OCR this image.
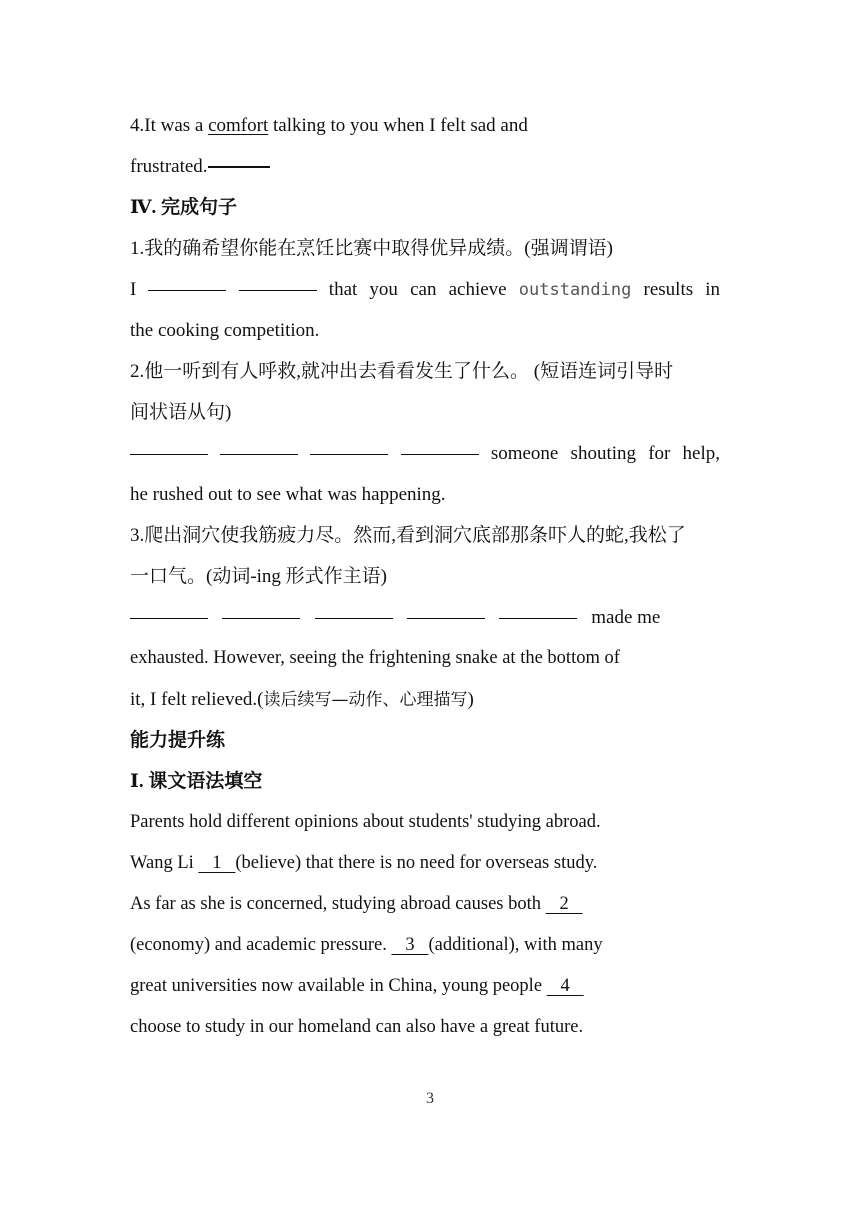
4.It was a comfort talking to you when I felt sad and
frustrated.
Ⅳ. 完成句子
1.我的确希望你能在烹饪比赛中取得优异成绩。(强调谓语)
I	that you can achieve outstanding results in
the cooking competition.
2.他一听到有人呼救,就冲出去看看发生了什么。 (短语连词引导时
间状语从句)
someone shouting for help,
he rushed out to see what was happening.
3.爬出洞穴使我筋疲力尽。然而,看到洞穴底部那条吓人的蛇,我松了
一口气。(动词-ing 形式作主语)
made me
exhausted. However, seeing the frightening snake at the bottom of
it, I felt relieved.(读后续写—动作、心理描写)
能力提升练
Ⅰ. 课文语法填空
Parents hold different opinions about students' studying abroad.
Wang Li    1   (believe) that there is no need for overseas study.
As far as she is concerned, studying abroad causes both    2
(economy) and academic pressure.    3   (additional), with many
great universities now available in China, young people    4
choose to study in our homeland can also have a great future.
3
